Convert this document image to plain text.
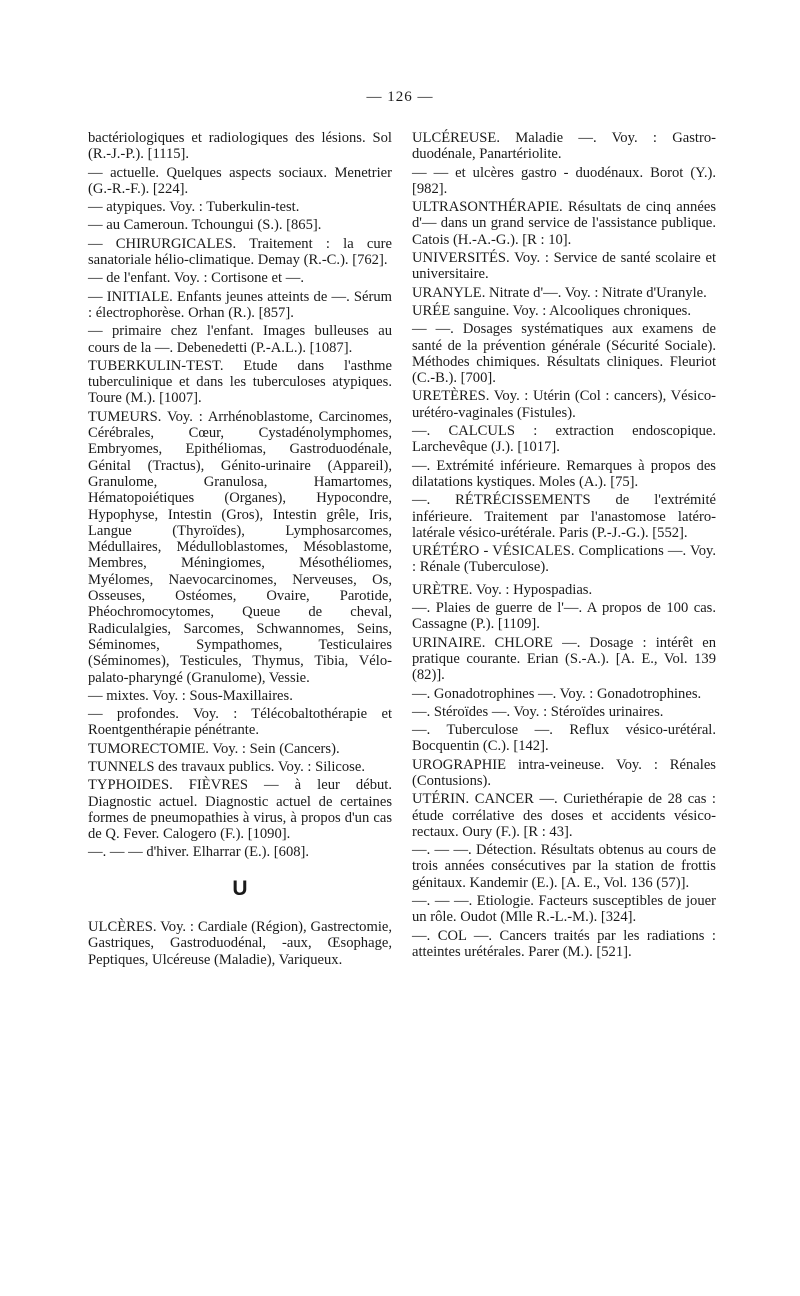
— 126 —

bactériologiques et radiologiques des lésions. Sol (R.-J.-P.). [1115].

— actuelle. Quelques aspects sociaux. Menetrier (G.-R.-F.). [224].

— atypiques. Voy. : Tuberkulin-test.

— au Cameroun. Tchoungui (S.). [865].

— CHIRURGICALES. Traitement : la cure sanatoriale hélio-climatique. Demay (R.-C.). [762].

— de l'enfant. Voy. : Cortisone et —.

— INITIALE. Enfants jeunes atteints de —. Sérum : électrophorèse. Orhan (R.). [857].

— primaire chez l'enfant. Images bulleuses au cours de la —. Debenedetti (P.-A.L.). [1087].

TUBERKULIN-TEST. Etude dans l'asthme tuberculinique et dans les tuberculoses atypiques. Toure (M.). [1007].

TUMEURS. Voy. : Arrhénoblastome, Carcinomes, Cérébrales, Cœur, Cystadénolymphomes, Embryomes, Epithéliomas, Gastroduodénale, Génital (Tractus), Génito-urinaire (Appareil), Granulome, Granulosa, Hamartomes, Hématopoiétiques (Organes), Hypocondre, Hypophyse, Intestin (Gros), Intestin grêle, Iris, Langue (Thyroïdes), Lymphosarcomes, Médullaires, Médulloblastomes, Mésoblastome, Membres, Méningiomes, Mésothéliomes, Myélomes, Naevocarcinomes, Nerveuses, Os, Osseuses, Ostéomes, Ovaire, Parotide, Phéochromocytomes, Queue de cheval, Radiculalgies, Sarcomes, Schwannomes, Seins, Séminomes, Sympathomes, Testiculaires (Séminomes), Testicules, Thymus, Tibia, Vélo-palato-pharyngé (Granulome), Vessie.

— mixtes. Voy. : Sous-Maxillaires.

— profondes. Voy. : Télécobaltothérapie et Roentgenthérapie pénétrante.

TUMORECTOMIE. Voy. : Sein (Cancers).

TUNNELS des travaux publics. Voy. : Silicose.

TYPHOIDES. FIÈVRES — à leur début. Diagnostic actuel. Diagnostic actuel de certaines formes de pneumopathies à virus, à propos d'un cas de Q. Fever. Calogero (F.). [1090].

—. — — d'hiver. Elharrar (E.). [608].

U

ULCÈRES. Voy. : Cardiale (Région), Gastrectomie, Gastriques, Gastroduodénal, -aux, Œsophage, Peptiques, Ulcéreuse (Maladie), Variqueux.

ULCÉREUSE. Maladie —. Voy. : Gastro-duodénale, Panartériolite.

— — et ulcères gastro - duodénaux. Borot (Y.). [982].

ULTRASONTHÉRAPIE. Résultats de cinq années d'— dans un grand service de l'assistance publique. Catois (H.-A.-G.). [R : 10].

UNIVERSITÉS. Voy. : Service de santé scolaire et universitaire.

URANYLE. Nitrate d'—. Voy. : Nitrate d'Uranyle.

URÉE sanguine. Voy. : Alcooliques chroniques.

— —. Dosages systématiques aux examens de santé de la prévention générale (Sécurité Sociale). Méthodes chimiques. Résultats cliniques. Fleuriot (C.-B.). [700].

URETÈRES. Voy. : Utérin (Col : cancers), Vésico-urétéro-vaginales (Fistules).

—. CALCULS : extraction endoscopique. Larchevêque (J.). [1017].

—. Extrémité inférieure. Remarques à propos des dilatations kystiques. Moles (A.). [75].

—. RÉTRÉCISSEMENTS de l'extrémité inférieure. Traitement par l'anastomose latéro-latérale vésico-urétérale. Paris (P.-J.-G.). [552].

URÉTÉRO - VÉSICALES. Complications —. Voy. : Rénale (Tuberculose).

URÈTRE. Voy. : Hypospadias.

—. Plaies de guerre de l'—. A propos de 100 cas. Cassagne (P.). [1109].

URINAIRE. CHLORE —. Dosage : intérêt en pratique courante. Erian (S.-A.). [A. E., Vol. 139 (82)].

—. Gonadotrophines —. Voy. : Gonadotrophines.

—. Stéroïdes —. Voy. : Stéroïdes urinaires.

—. Tuberculose —. Reflux vésico-urétéral. Bocquentin (C.). [142].

UROGRAPHIE intra-veineuse. Voy. : Rénales (Contusions).

UTÉRIN. CANCER —. Curiethérapie de 28 cas : étude corrélative des doses et accidents vésico-rectaux. Oury (F.). [R : 43].

—. — —. Détection. Résultats obtenus au cours de trois années consécutives par la station de frottis génitaux. Kandemir (E.). [A. E., Vol. 136 (57)].

—. — —. Etiologie. Facteurs susceptibles de jouer un rôle. Oudot (Mlle R.-L.-M.). [324].

—. COL —. Cancers traités par les radiations : atteintes urétérales. Parer (M.). [521].
